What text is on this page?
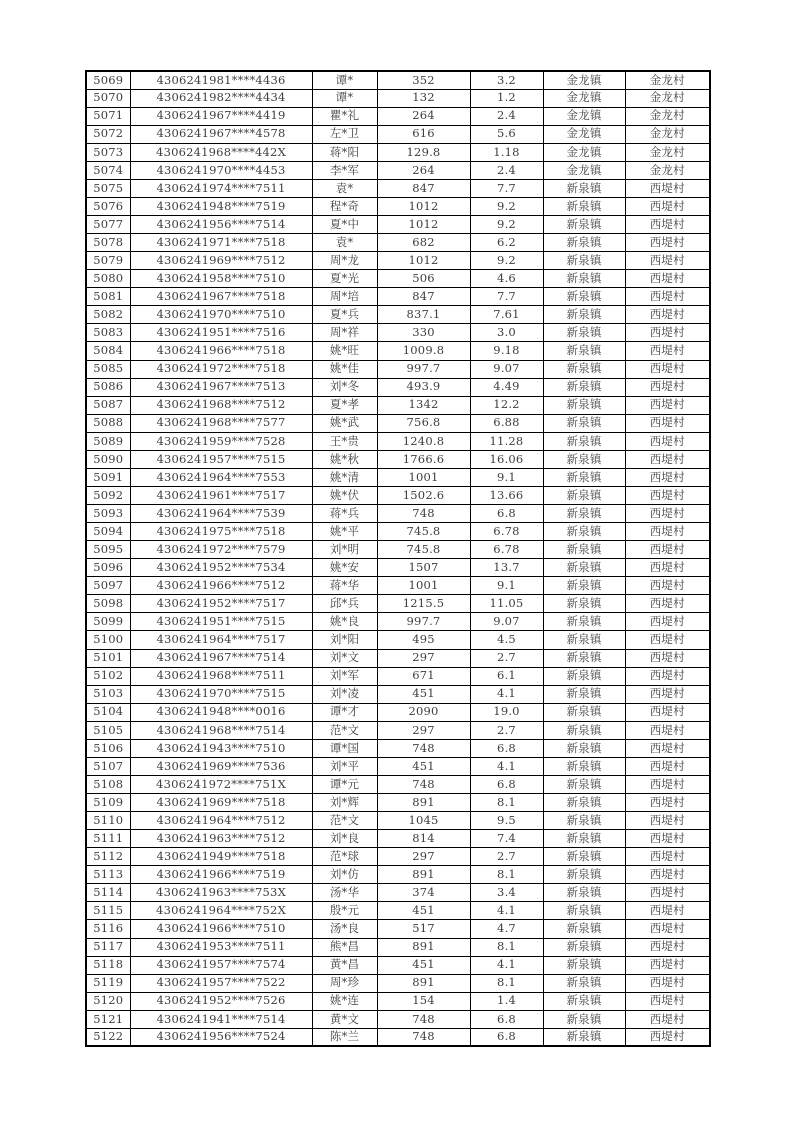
5069	4306241981****4436	谭*	352	3.2	金龙镇	金龙村
5070	4306241982****4434	谭*	132	1.2	金龙镇	金龙村
5071	4306241967****4419	瞿*礼	264	2.4	金龙镇	金龙村
5072	4306241967****4578	左*卫	616	5.6	金龙镇	金龙村
5073	4306241968****442X	蒋*阳	129.8	1.18	金龙镇	金龙村
5074	4306241970****4453	李*军	264	2.4	金龙镇	金龙村
5075	4306241974****7511	袁*	847	7.7	新泉镇	西堤村
5076	4306241948****7519	程*奇	1012	9.2	新泉镇	西堤村
5077	4306241956****7514	夏*中	1012	9.2	新泉镇	西堤村
5078	4306241971****7518	袁*	682	6.2	新泉镇	西堤村
5079	4306241969****7512	周*龙	1012	9.2	新泉镇	西堤村
5080	4306241958****7510	夏*光	506	4.6	新泉镇	西堤村
5081	4306241967****7518	周*培	847	7.7	新泉镇	西堤村
5082	4306241970****7510	夏*兵	837.1	7.61	新泉镇	西堤村
5083	4306241951****7516	周*祥	330	3.0	新泉镇	西堤村
5084	4306241966****7518	姚*旺	1009.8	9.18	新泉镇	西堤村
5085	4306241972****7518	姚*佳	997.7	9.07	新泉镇	西堤村
5086	4306241967****7513	刘*冬	493.9	4.49	新泉镇	西堤村
5087	4306241968****7512	夏*孝	1342	12.2	新泉镇	西堤村
5088	4306241968****7577	姚*武	756.8	6.88	新泉镇	西堤村
5089	4306241959****7528	王*贵	1240.8	11.28	新泉镇	西堤村
5090	4306241957****7515	姚*秋	1766.6	16.06	新泉镇	西堤村
5091	4306241964****7553	姚*清	1001	9.1	新泉镇	西堤村
5092	4306241961****7517	姚*伏	1502.6	13.66	新泉镇	西堤村
5093	4306241964****7539	蒋*兵	748	6.8	新泉镇	西堤村
5094	4306241975****7518	姚*平	745.8	6.78	新泉镇	西堤村
5095	4306241972****7579	刘*明	745.8	6.78	新泉镇	西堤村
5096	4306241952****7534	姚*安	1507	13.7	新泉镇	西堤村
5097	4306241966****7512	蒋*华	1001	9.1	新泉镇	西堤村
5098	4306241952****7517	邱*兵	1215.5	11.05	新泉镇	西堤村
5099	4306241951****7515	姚*良	997.7	9.07	新泉镇	西堤村
5100	4306241964****7517	刘*阳	495	4.5	新泉镇	西堤村
5101	4306241967****7514	刘*文	297	2.7	新泉镇	西堤村
5102	4306241968****7511	刘*军	671	6.1	新泉镇	西堤村
5103	4306241970****7515	刘*凌	451	4.1	新泉镇	西堤村
5104	4306241948****0016	谭*才	2090	19.0	新泉镇	西堤村
5105	4306241968****7514	范*文	297	2.7	新泉镇	西堤村
5106	4306241943****7510	谭*国	748	6.8	新泉镇	西堤村
5107	4306241969****7536	刘*平	451	4.1	新泉镇	西堤村
5108	4306241972****751X	谭*元	748	6.8	新泉镇	西堤村
5109	4306241969****7518	刘*辉	891	8.1	新泉镇	西堤村
5110	4306241964****7512	范*文	1045	9.5	新泉镇	西堤村
5111	4306241963****7512	刘*良	814	7.4	新泉镇	西堤村
5112	4306241949****7518	范*球	297	2.7	新泉镇	西堤村
5113	4306241966****7519	刘*仿	891	8.1	新泉镇	西堤村
5114	4306241963****753X	汤*华	374	3.4	新泉镇	西堤村
5115	4306241964****752X	殷*元	451	4.1	新泉镇	西堤村
5116	4306241966****7510	汤*良	517	4.7	新泉镇	西堤村
5117	4306241953****7511	熊*昌	891	8.1	新泉镇	西堤村
5118	4306241957****7574	黄*昌	451	4.1	新泉镇	西堤村
5119	4306241957****7522	周*珍	891	8.1	新泉镇	西堤村
5120	4306241952****7526	姚*连	154	1.4	新泉镇	西堤村
5121	4306241941****7514	黄*文	748	6.8	新泉镇	西堤村
5122	4306241956****7524	陈*兰	748	6.8	新泉镇	西堤村
